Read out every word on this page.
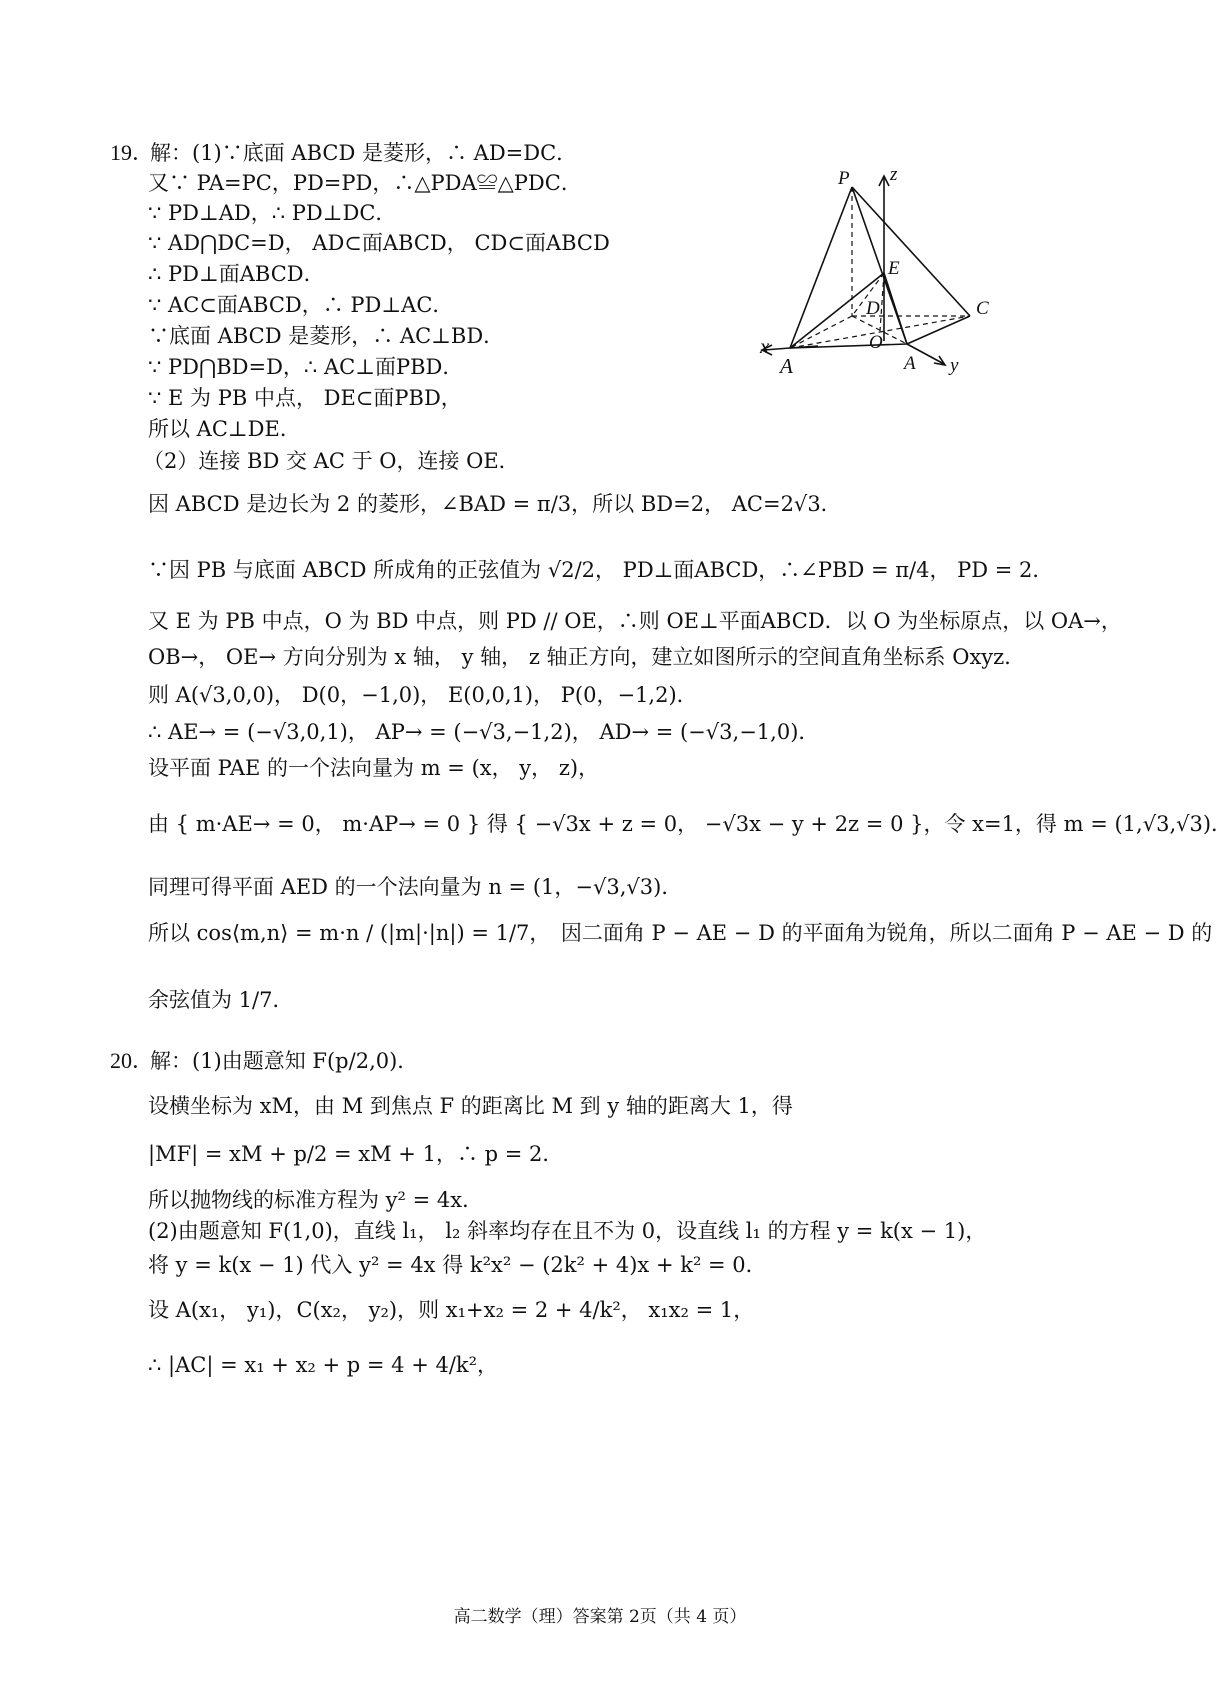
19．
解：(1)∵底面 ABCD 是菱形，∴ AD=DC．
又∵ PA=PC，PD=PD，∴△PDA≌△PDC．
∵ PD⊥AD，∴ PD⊥DC．
∵ AD⋂DC=D， AD⊂面ABCD， CD⊂面ABCD
∴ PD⊥面ABCD．
∵ AC⊂面ABCD，∴ PD⊥AC．
∵底面 ABCD 是菱形，∴ AC⊥BD．
∵ PD⋂BD=D，∴ AC⊥面PBD．
∵ E 为 PB 中点， DE⊂面PBD，
所以 AC⊥DE．
（2）连接 BD 交 AC 于 O，连接 OE．
因 ABCD 是边长为 2 的菱形，∠BAD = π/3，所以 BD=2， AC=2√3．
∵因 PB 与底面 ABCD 所成角的正弦值为 √2/2， PD⊥面ABCD，∴∠PBD = π/4， PD = 2．
又 E 为 PB 中点，O 为 BD 中点，则 PD // OE，∴则 OE⊥平面ABCD．以 O 为坐标原点，以 OA→，
OB→， OE→ 方向分别为 x 轴， y 轴， z 轴正方向，建立如图所示的空间直角坐标系 Oxyz．
则 A(√3,0,0)， D(0，−1,0)， E(0,0,1)， P(0，−1,2)．
∴ AE→ = (−√3,0,1)， AP→ = (−√3,−1,2)， AD→ = (−√3,−1,0)．
设平面 PAE 的一个法向量为 m = (x， y， z)，
由 { m·AE→ = 0， m·AP→ = 0 } 得 { −√3x + z = 0， −√3x − y + 2z = 0 }，令 x=1，得 m = (1,√3,√3)．
同理可得平面 AED 的一个法向量为 n = (1，−√3,√3)．
所以 cos⟨m,n⟩ = m·n / (|m|·|n|) = 1/7，　因二面角 P − AE − D 的平面角为锐角，所以二面角 P − AE − D 的
余弦值为 1/7．
P z
E
D	C
O
A y
x
A
20．
解：(1)由题意知 F(p/2,0)．
设横坐标为 xM，由 M 到焦点 F 的距离比 M 到 y 轴的距离大 1，得
|MF| = xM + p/2 = xM + 1，∴ p = 2．
所以抛物线的标准方程为 y² = 4x．
(2)由题意知 F(1,0)，直线 l₁， l₂ 斜率均存在且不为 0，设直线 l₁ 的方程 y = k(x − 1)，
将 y = k(x − 1) 代入 y² = 4x 得 k²x² − (2k² + 4)x + k² = 0．
设 A(x₁， y₁)，C(x₂， y₂)，则 x₁+x₂ = 2 + 4/k²， x₁x₂ = 1，
∴ |AC| = x₁ + x₂ + p = 4 + 4/k²，
高二数学（理）答案第 2页（共 4 页）
